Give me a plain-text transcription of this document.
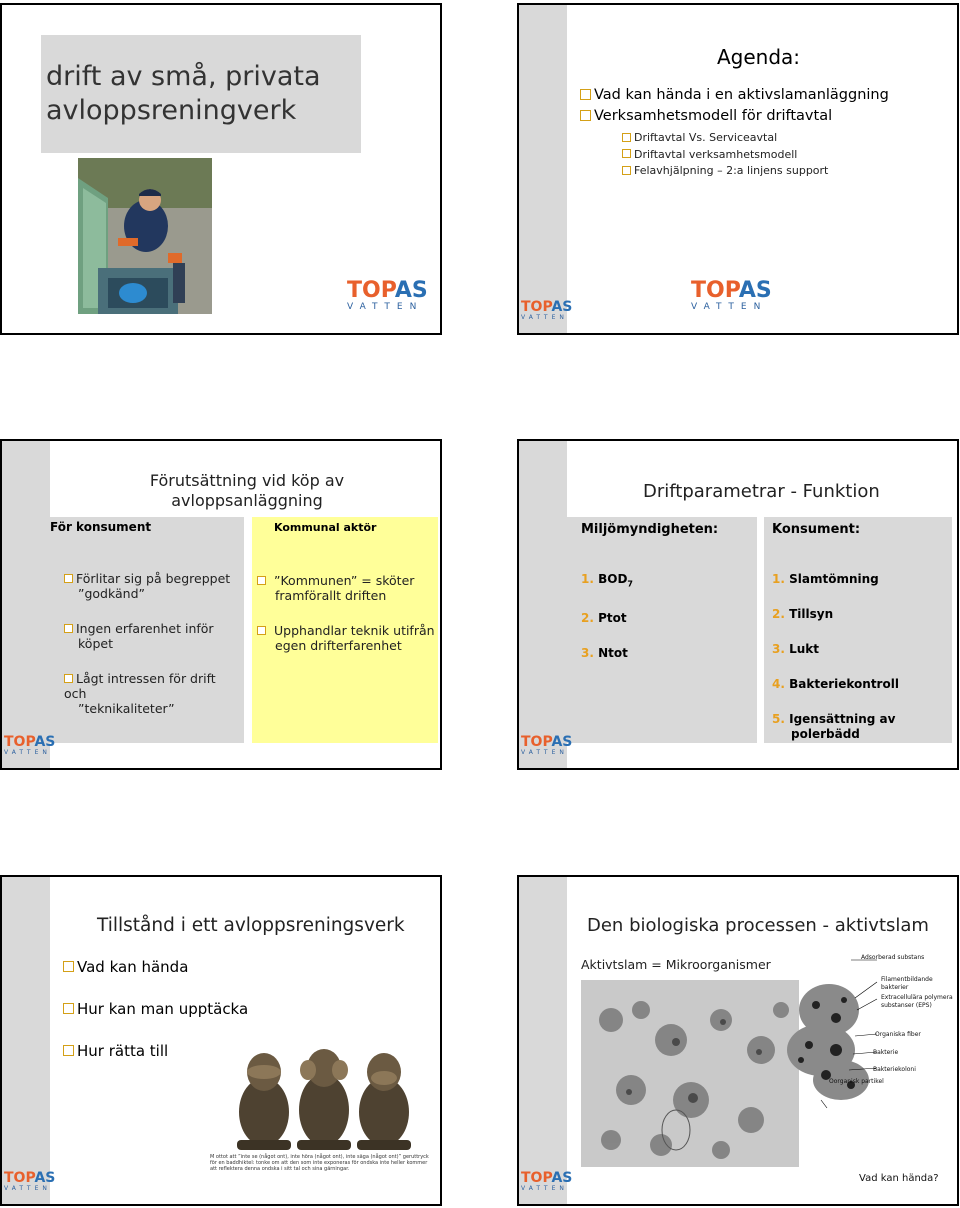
drift av små, privata
avloppsreningverk
TOPAS
VATTEN
Agenda:
Vad kan hända i en aktivslamanläggning
Verksamhetsmodell för driftavtal
Driftavtal Vs. Serviceavtal
Driftavtal verksamhetsmodell
Felavhjälpning – 2:a linjens support
TOPAS
VATTEN
TOPAS
VATTEN
Förutsättning vid köp av
avloppsanläggning
För konsument	Kommunal aktör
Förlitar sig på begreppet
”godkänd”
Ingen erfarenhet inför
köpet
Lågt intressen för drift och
”teknikaliteter”
”Kommunen” = sköter
framförallt driften
Upphandlar teknik utifrån
egen drifterfarenhet
TOPAS
VATTEN
Driftparametrar - Funktion
Miljömyndigheten:	Konsument:
1. $BOD_7$
2. Ptot
3. Ntot
1. Slamtömning
2. Tillsyn
3. Lukt
4. Bakteriekontroll
5. Igensättning av
polerbädd
TOPAS
VATTEN
Tillstånd i ett avloppsreningsverk
Vad kan hända
Hur kan man upptäcka
Hur rätta till
M ottot att ”inte se (något ont), inte höra (något ont), inte säga (något ont)” geruttryck
för en baddhiktel: tonke om att den som inte exponeras för ondska inte heller kommer
att reflektera denna ondska i sitt tal och sina gärningar.
TOPAS
VATTEN
Den biologiska processen - aktivtslam
Aktivtslam = Mikroorganismer	Adsorberad substans
Filamentbildande
bakterier
Extracellulära polymera
substanser (EPS)
Organiska fiber
Bakterie
Bakteriekoloni
Oorganisk partikel
Vad kan hända?
TOPAS
VATTEN
